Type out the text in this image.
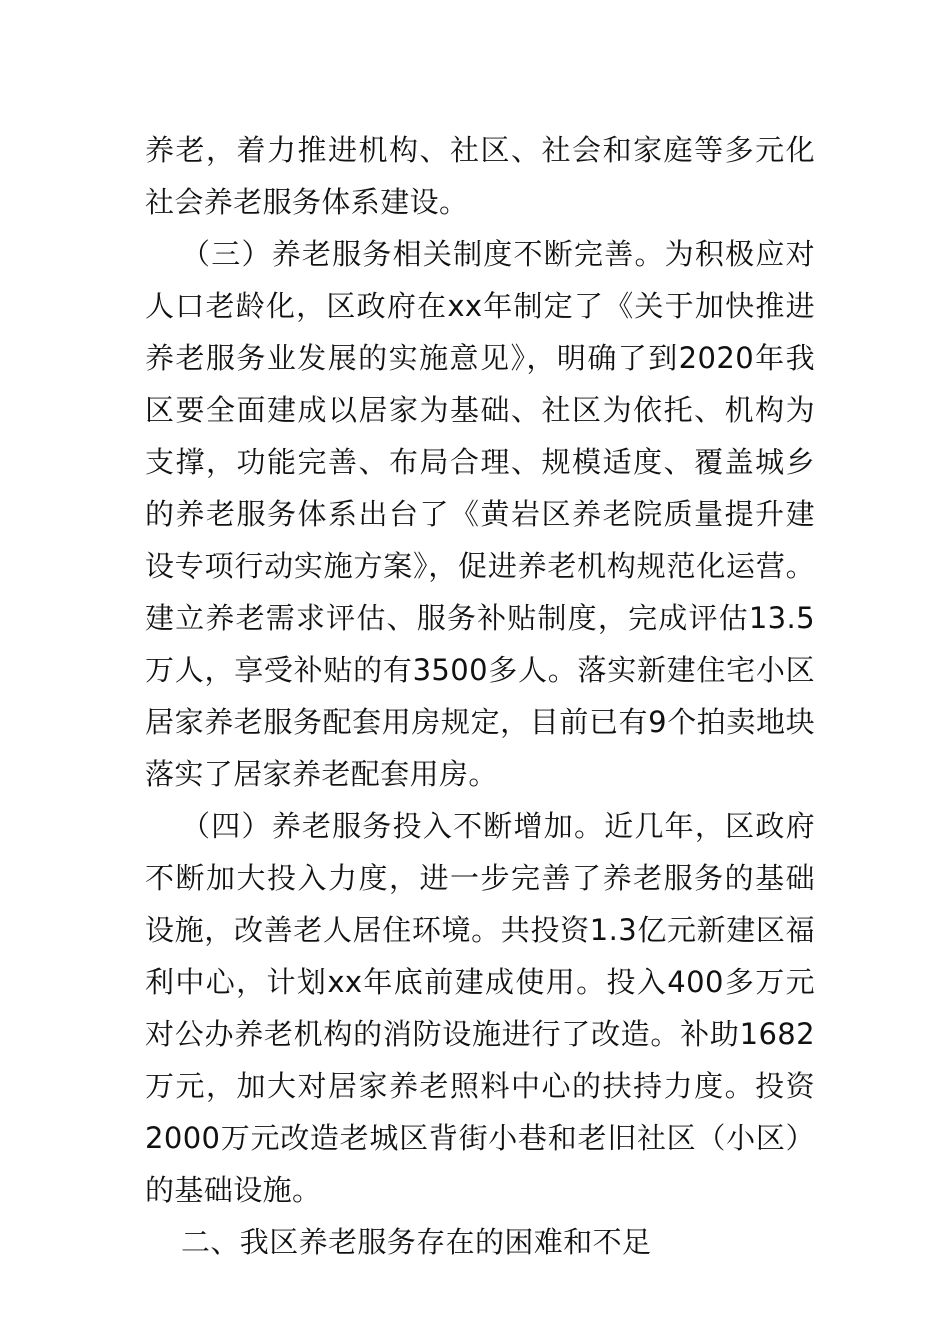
养老，着力推进机构、社区、社会和家庭等多元化社会养老服务体系建设。

（三）养老服务相关制度不断完善。为积极应对人口老龄化，区政府在xx年制定了《关于加快推进养老服务业发展的实施意见》，明确了到2020年我区要全面建成以居家为基础、社区为依托、机构为支撑，功能完善、布局合理、规模适度、覆盖城乡的养老服务体系出台了《黄岩区养老院质量提升建设专项行动实施方案》，促进养老机构规范化运营。建立养老需求评估、服务补贴制度，完成评估13.5万人，享受补贴的有3500多人。落实新建住宅小区居家养老服务配套用房规定，目前已有9个拍卖地块落实了居家养老配套用房。

（四）养老服务投入不断增加。近几年，区政府不断加大投入力度，进一步完善了养老服务的基础设施，改善老人居住环境。共投资1.3亿元新建区福利中心，计划xx年底前建成使用。投入400多万元对公办养老机构的消防设施进行了改造。补助1682万元，加大对居家养老照料中心的扶持力度。投资2000万元改造老城区背街小巷和老旧社区（小区）的基础设施。

二、我区养老服务存在的困难和不足
